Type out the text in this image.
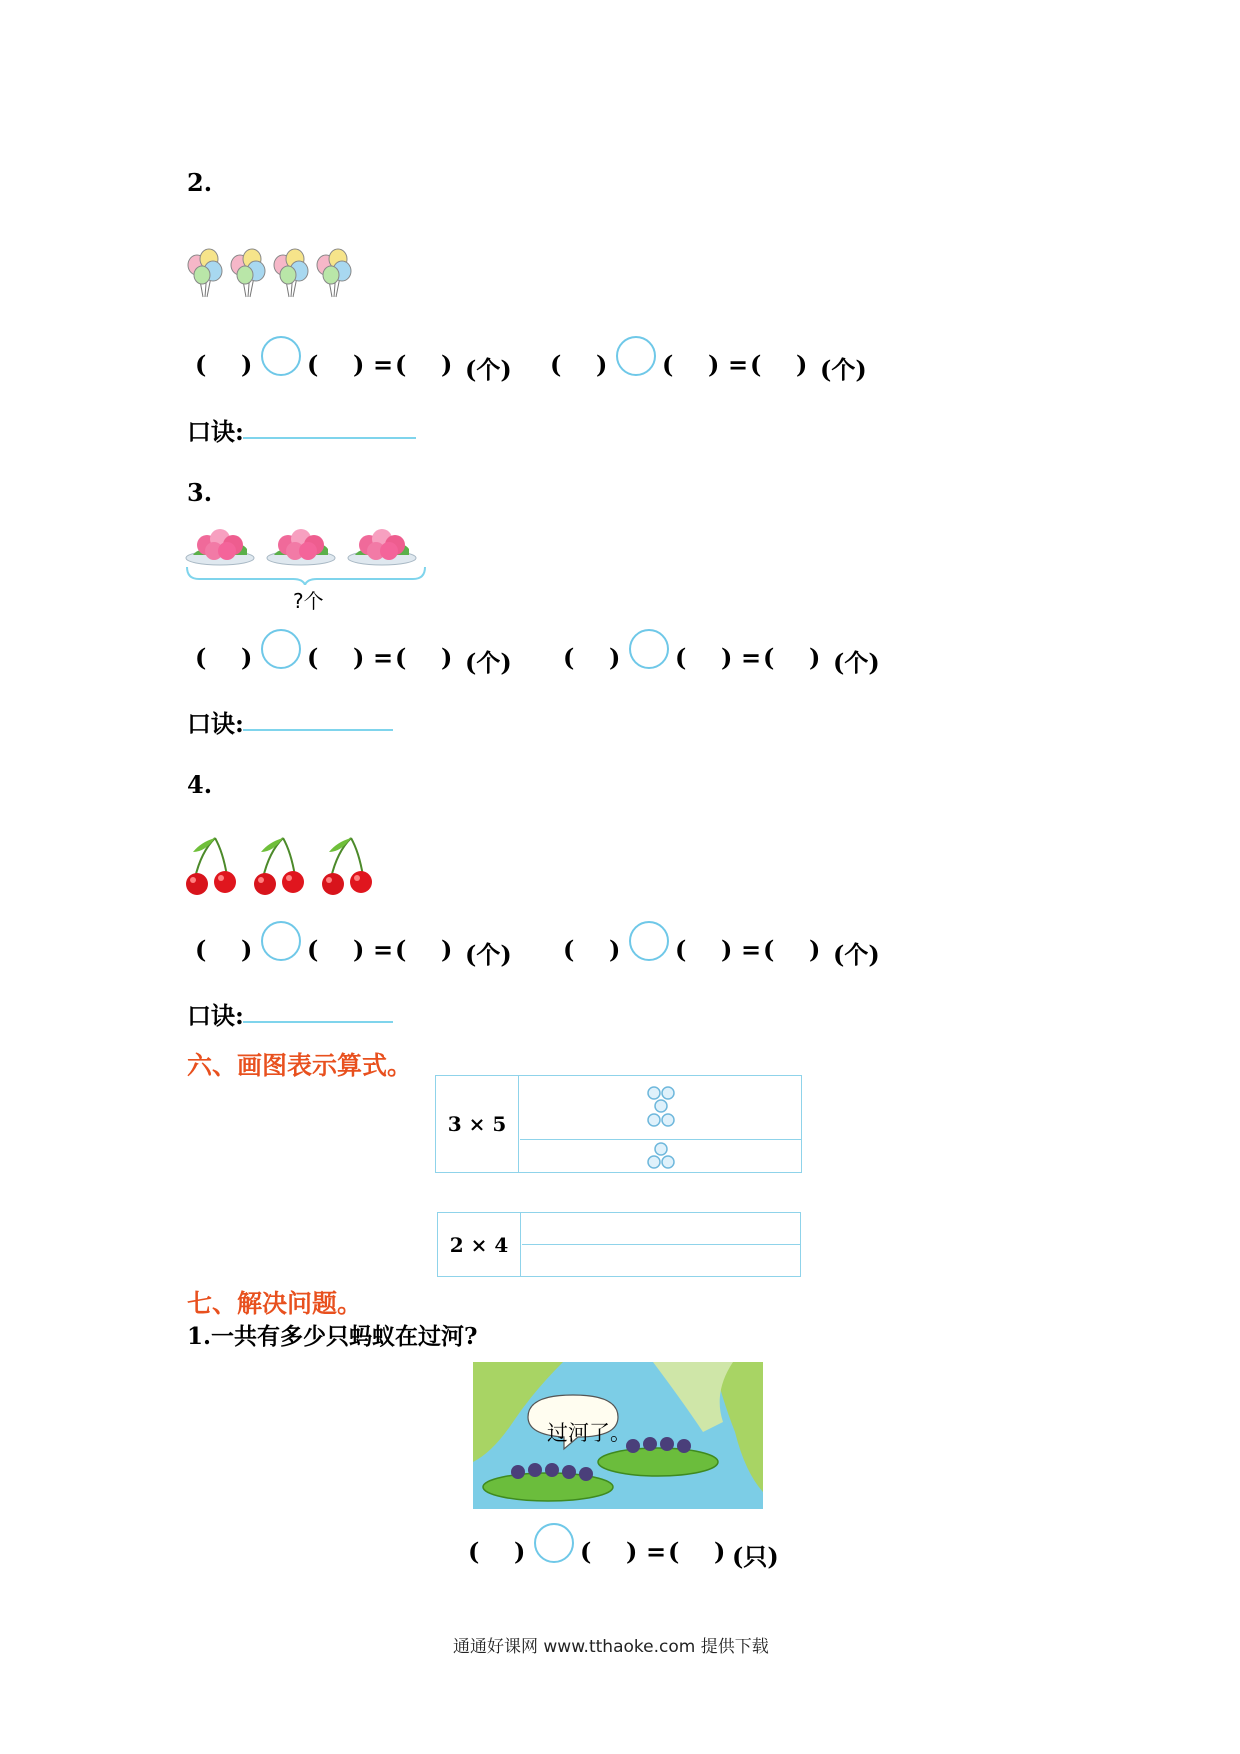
2.
( ) ( ) = ( ) (个) ( ) ( ) = ( ) (个)
口诀:
3.
?个
( ) ( ) = ( ) (个) ( ) ( ) = ( ) (个)
口诀:
4.
( ) ( ) = ( ) (个) ( ) ( ) = ( ) (个)
口诀:
六、画图表示算式。
3 × 5
2 × 4
七、解决问题。
1.一共有多少只蚂蚁在过河?
过河了。
( ) ( ) = ( ) (只)
通通好课网 www.tthaoke.com 提供下载
